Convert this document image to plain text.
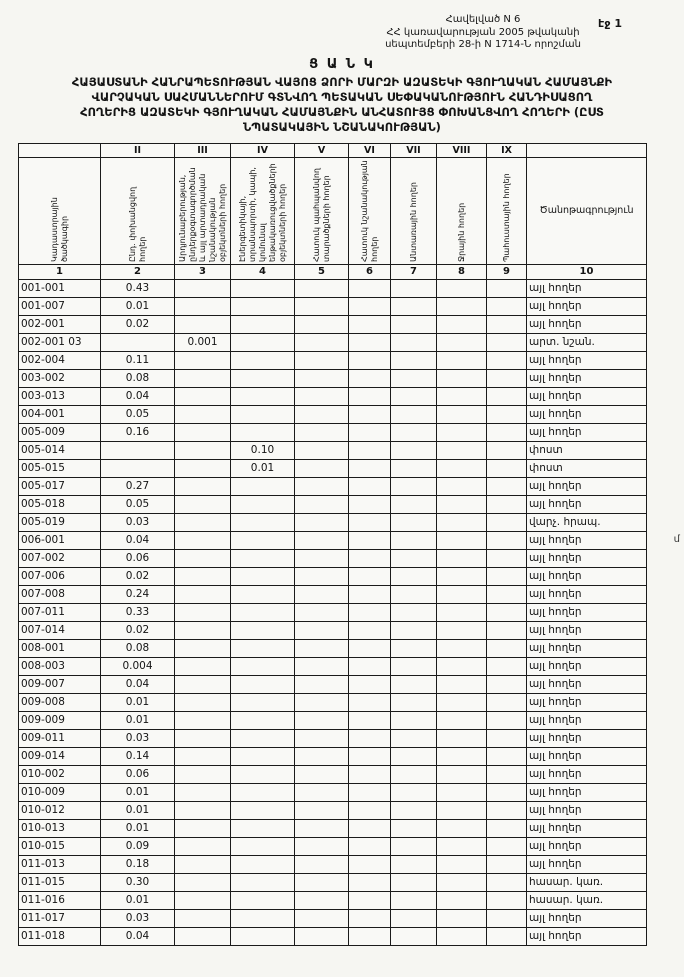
էջ 1
մ
Հավելված N 6
ՀՀ կառավարության 2005 թվականի
սեպտեմբերի 28-ի N 1714-Ն որոշման
Ց Ա Ն Կ
ՀԱՅԱՍՏԱՆԻ ՀԱՆՐԱՊԵՏՈՒԹՅԱՆ ՎԱՅՈՑ ՁՈՐԻ ՄԱՐԶԻ ԱԶԱՏԵԿԻ ԳՅՈՒՂԱԿԱՆ ՀԱՄԱՅՆՔԻ
ՎԱՐՉԱԿԱՆ ՍԱՀՄԱՆՆԵՐՈՒՄ ԳՏՆՎՈՂ ՊԵՏԱԿԱՆ ՍԵՓԱԿԱՆՈՒԹՅՈՒՆ ՀԱՆԴԻՍԱՑՈՂ
ՀՈՂԵՐԻՑ ԱԶԱՏԵԿԻ ԳՅՈՒՂԱԿԱՆ ՀԱՄԱՅՆՔԻՆ ԱՆՀԱՏՈՒՅՑ ՓՈԽԱՆՑՎՈՂ ՀՈՂԵՐԻ (ԸՍՏ
ՆՊԱՏԱԿԱՅԻՆ ՆՇԱՆԱԿՈՒԹՅԱՆ)
	II	III	IV	V	VI	VII	VIII	IX	

Կադաստրային ծածկագիր	Ընդ. փոխանցվող հողեր	Արդյունաբերության, ընդերքօգտագործման և այլ արտադրական նշանակության օբյեկտների հողեր	Էներգետիկայի, տրանսպորտի, կապի, կոմունալ ենթակառուցվածքների օբյեկտների հողեր	Հատուկ պահպանվող տարածքների հողեր	Հատուկ նշանակության հողեր	Անտառային հողեր	Ջրային հողեր	Պահուստային հողեր	Ծանոթագրություն

1	2	3	4	5	6	7	8	9	10
001-001	0.43								այլ հողեր
001-007	0.01								այլ հողեր
002-001	0.02								այլ հողեր
002-001 03		0.001							արտ. նշան.
002-004	0.11								այլ հողեր
003-002	0.08								այլ հողեր
003-013	0.04								այլ հողեր
004-001	0.05								այլ հողեր
005-009	0.16								այլ հողեր
005-014			0.10						փոստ
005-015			0.01						փոստ
005-017	0.27								այլ հողեր
005-018	0.05								այլ հողեր
005-019	0.03								վարչ. հրապ.
006-001	0.04								այլ հողեր
007-002	0.06								այլ հողեր
007-006	0.02								այլ հողեր
007-008	0.24								այլ հողեր
007-011	0.33								այլ հողեր
007-014	0.02								այլ հողեր
008-001	0.08								այլ հողեր
008-003	0.004								այլ հողեր
009-007	0.04								այլ հողեր
009-008	0.01								այլ հողեր
009-009	0.01								այլ հողեր
009-011	0.03								այլ հողեր
009-014	0.14								այլ հողեր
010-002	0.06								այլ հողեր
010-009	0.01								այլ հողեր
010-012	0.01								այլ հողեր
010-013	0.01								այլ հողեր
010-015	0.09								այլ հողեր
011-013	0.18								այլ հողեր
011-015	0.30								հասար. կառ.
011-016	0.01								հասար. կառ.
011-017	0.03								այլ հողեր
011-018	0.04								այլ հողեր
